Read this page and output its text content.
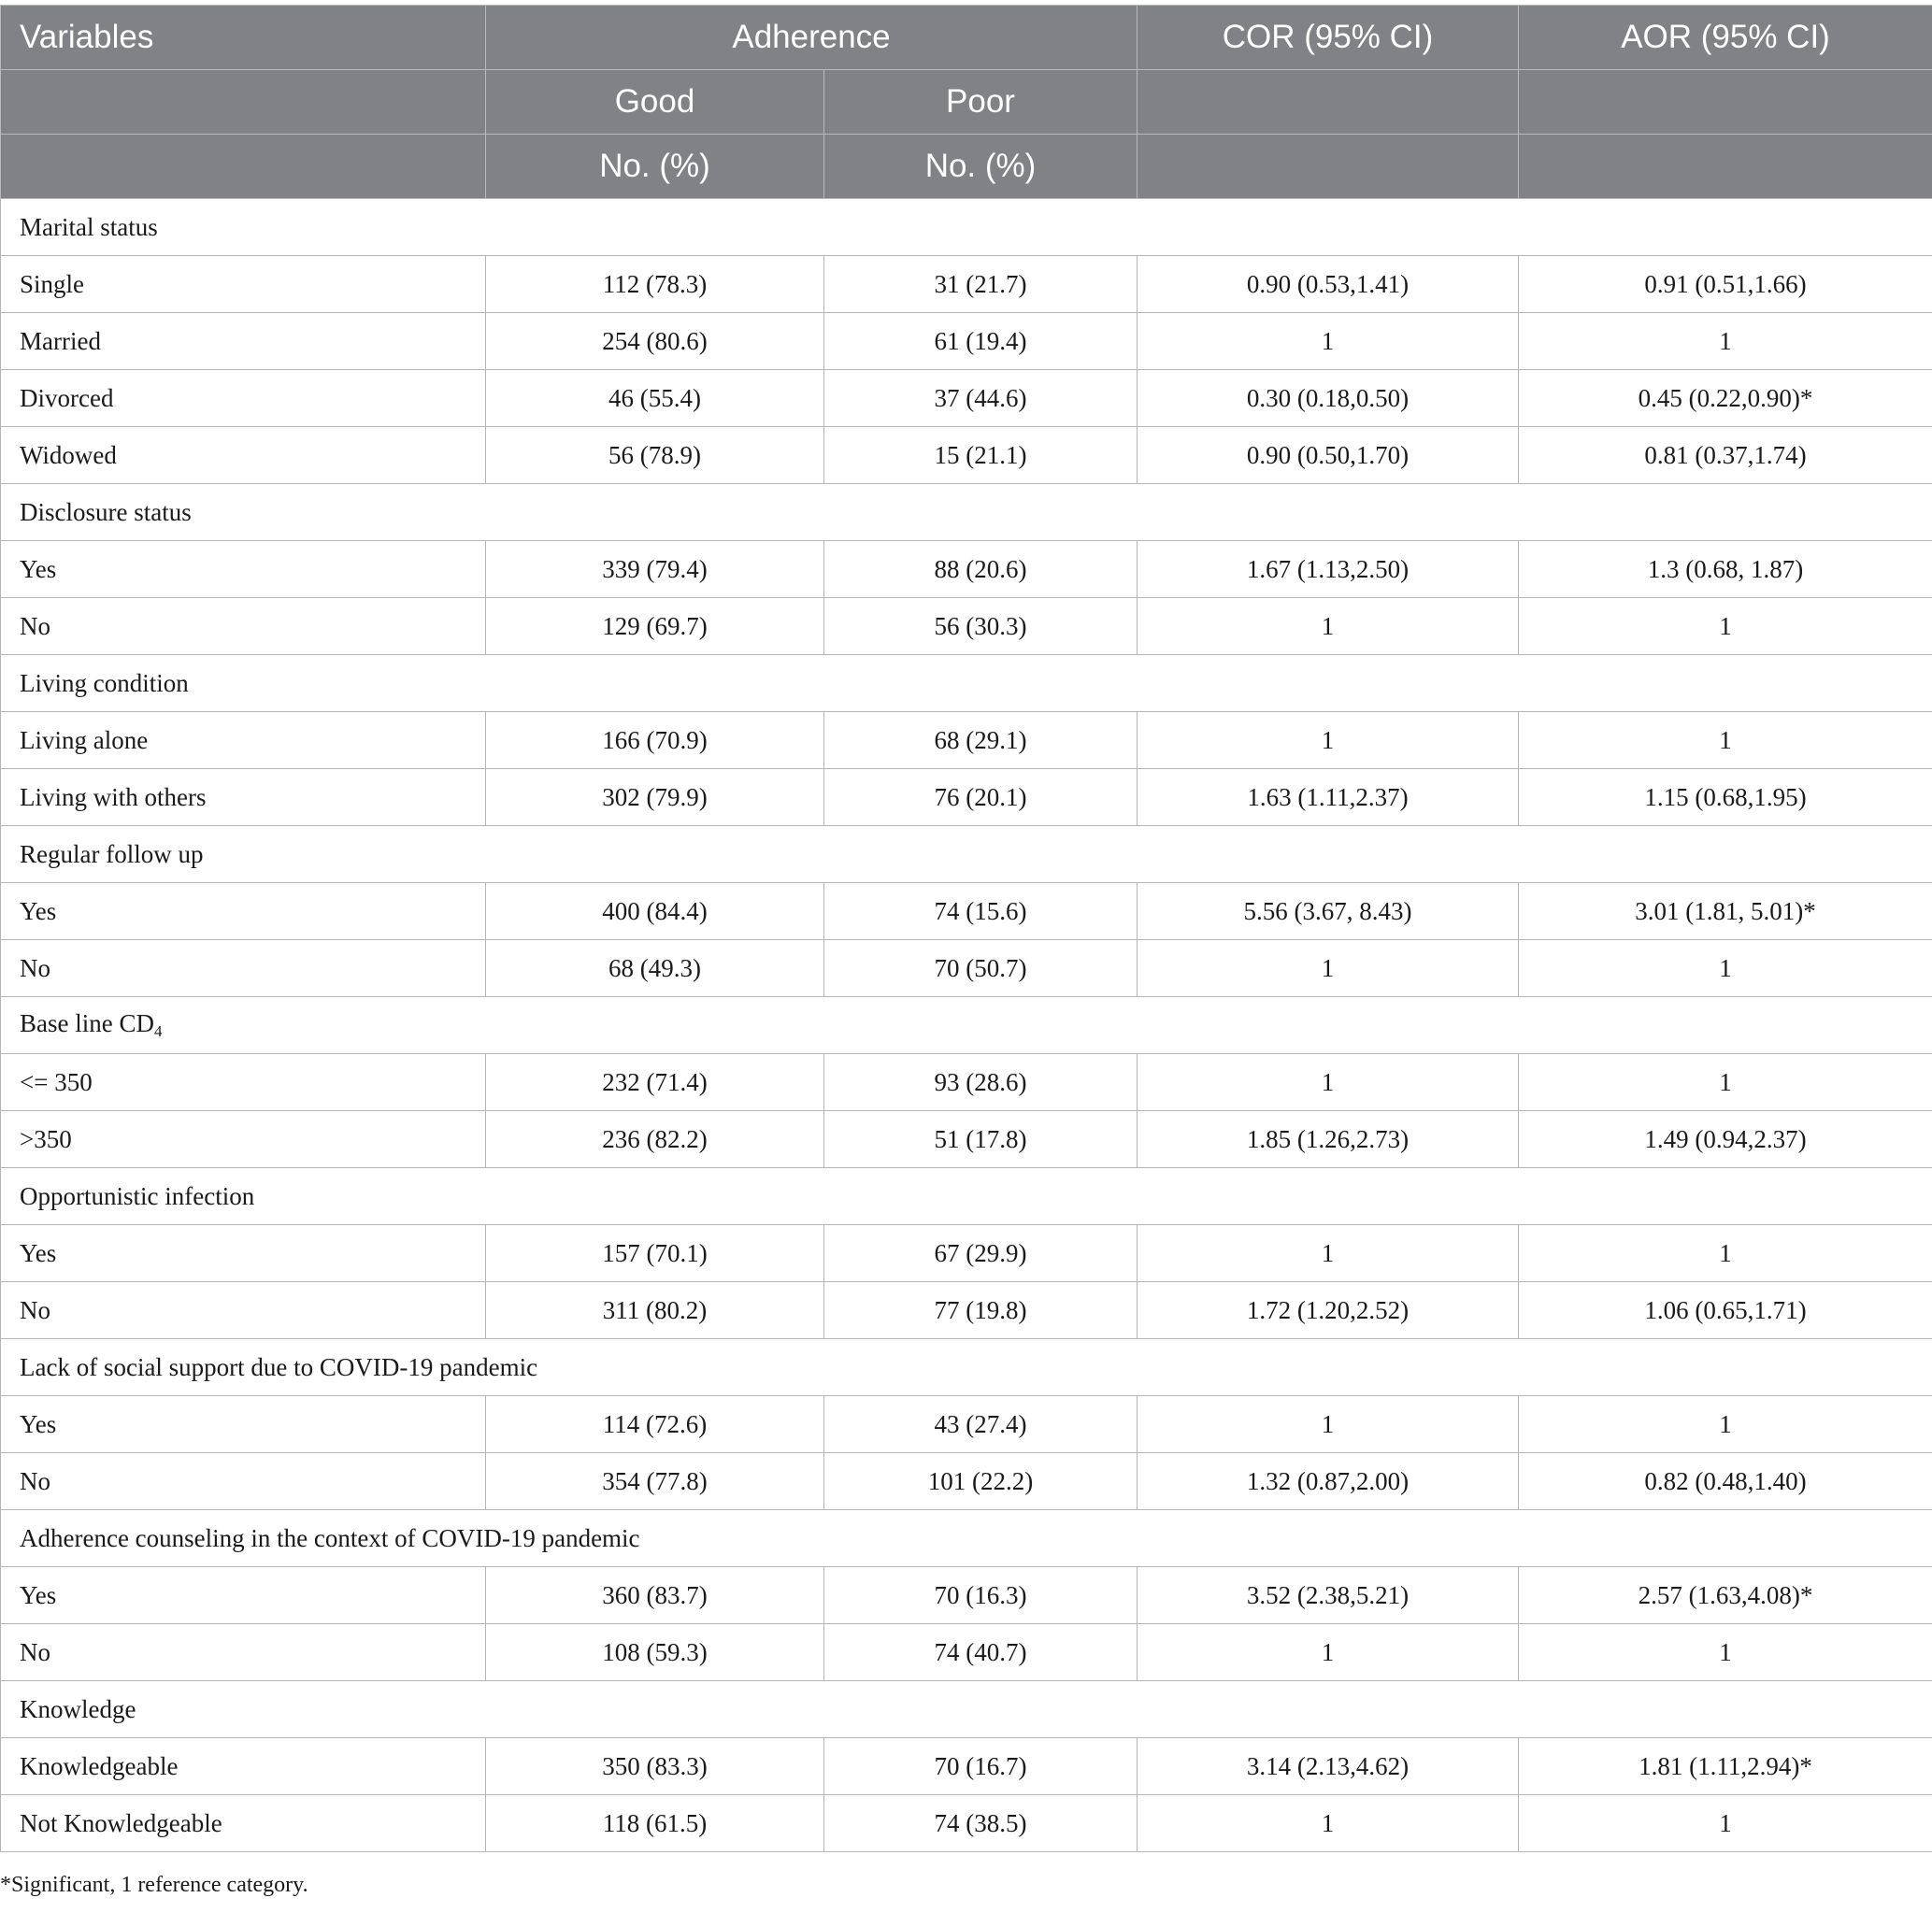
Variables	Adherence		COR (95% CI)	AOR (95% CI)
	Good	Poor		
	No. (%)	No. (%)		
Marital status				
Single	112 (78.3)	31 (21.7)	0.90 (0.53,1.41)	0.91 (0.51,1.66)
Married	254 (80.6)	61 (19.4)	1	1
Divorced	46 (55.4)	37 (44.6)	0.30 (0.18,0.50)	0.45 (0.22,0.90)*
Widowed	56 (78.9)	15 (21.1)	0.90 (0.50,1.70)	0.81 (0.37,1.74)
Disclosure status				
Yes	339 (79.4)	88 (20.6)	1.67 (1.13,2.50)	1.3 (0.68, 1.87)
No	129 (69.7)	56 (30.3)	1	1
Living condition				
Living alone	166 (70.9)	68 (29.1)	1	1
Living with others	302 (79.9)	76 (20.1)	1.63 (1.11,2.37)	1.15 (0.68,1.95)
Regular follow up				
Yes	400 (84.4)	74 (15.6)	5.56 (3.67, 8.43)	3.01 (1.81, 5.01)*
No	68 (49.3)	70 (50.7)	1	1
Base line $CD_4$
<= 350	232 (71.4)	93 (28.6)	1	1
>350	236 (82.2)	51 (17.8)	1.85 (1.26,2.73)	1.49 (0.94,2.37)
Opportunistic infection				
Yes	157 (70.1)	67 (29.9)	1	1
No	311 (80.2)	77 (19.8)	1.72 (1.20,2.52)	1.06 (0.65,1.71)
Lack of social support due to COVID-19 pandemic				
Yes	114 (72.6)	43 (27.4)	1	1
No	354 (77.8)	101 (22.2)	1.32 (0.87,2.00)	0.82 (0.48,1.40)
Adherence counseling in the context of COVID-19 pandemic				
Yes	360 (83.7)	70 (16.3)	3.52 (2.38,5.21)	2.57 (1.63,4.08)*
No	108 (59.3)	74 (40.7)	1	1
Knowledge				
Knowledgeable	350 (83.3)	70 (16.7)	3.14 (2.13,4.62)	1.81 (1.11,2.94)*
Not Knowledgeable	118 (61.5)	74 (38.5)	1	1
*Significant, 1 reference category.
